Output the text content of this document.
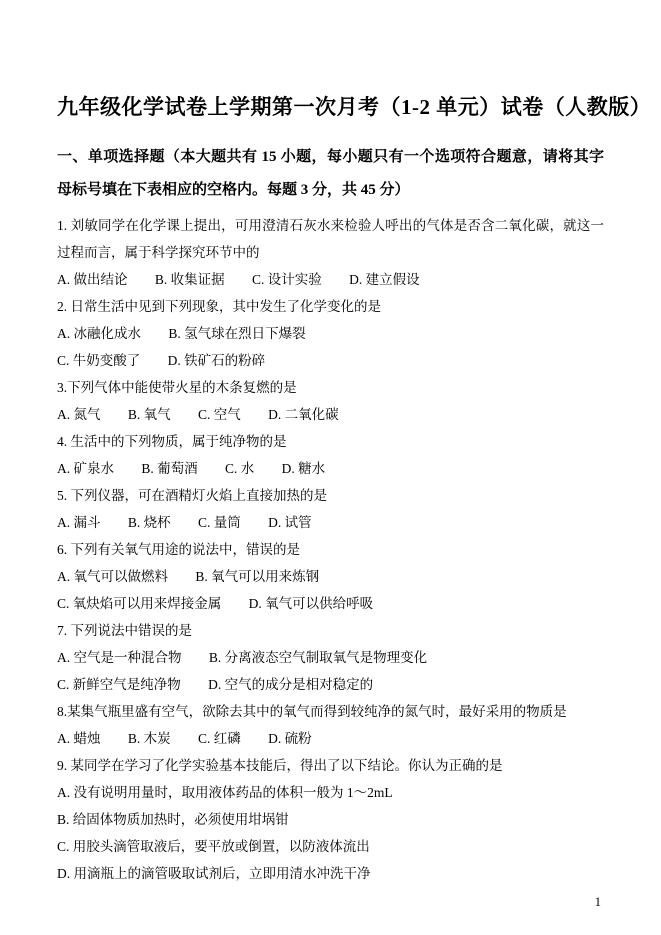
九年级化学试卷上学期第一次月考（1-2 单元）试卷（人教版）

一、单项选择题（本大题共有 15 小题，每小题只有一个选项符合题意，请将其字母标号填在下表相应的空格内。每题 3 分，共 45 分）

1. 刘敏同学在化学课上提出，可用澄清石灰水来检验人呼出的气体是否含二氧化碳，就这一过程而言，属于科学探究环节中的
A. 做出结论 B. 收集证据 C. 设计实验 D. 建立假设
2. 日常生活中见到下列现象，其中发生了化学变化的是
A. 冰融化成水 B. 氢气球在烈日下爆裂
C. 牛奶变酸了 D. 铁矿石的粉碎
3.下列气体中能使带火星的木条复燃的是
A. 氮气 B. 氧气 C. 空气 D. 二氧化碳
4. 生活中的下列物质，属于纯净物的是
A. 矿泉水 B. 葡萄酒 C. 水 D. 糖水
5. 下列仪器，可在酒精灯火焰上直接加热的是
A. 漏斗 B. 烧杯 C. 量筒 D. 试管
6. 下列有关氧气用途的说法中，错误的是
A. 氧气可以做燃料 B. 氧气可以用来炼钢
C. 氧炔焰可以用来焊接金属 D. 氧气可以供给呼吸
7. 下列说法中错误的是
A. 空气是一种混合物 B. 分离液态空气制取氧气是物理变化
C. 新鲜空气是纯净物 D. 空气的成分是相对稳定的
8.某集气瓶里盛有空气，欲除去其中的氧气而得到较纯净的氮气时，最好采用的物质是
A. 蜡烛 B. 木炭 C. 红磷 D. 硫粉
9. 某同学在学习了化学实验基本技能后，得出了以下结论。你认为正确的是
A. 没有说明用量时，取用液体药品的体积一般为 1～2mL
B. 给固体物质加热时，必须使用坩埚钳
C. 用胶头滴管取液后，要平放或倒置，以防液体流出
D. 用滴瓶上的滴管吸取试剂后，立即用清水冲洗干净
1
